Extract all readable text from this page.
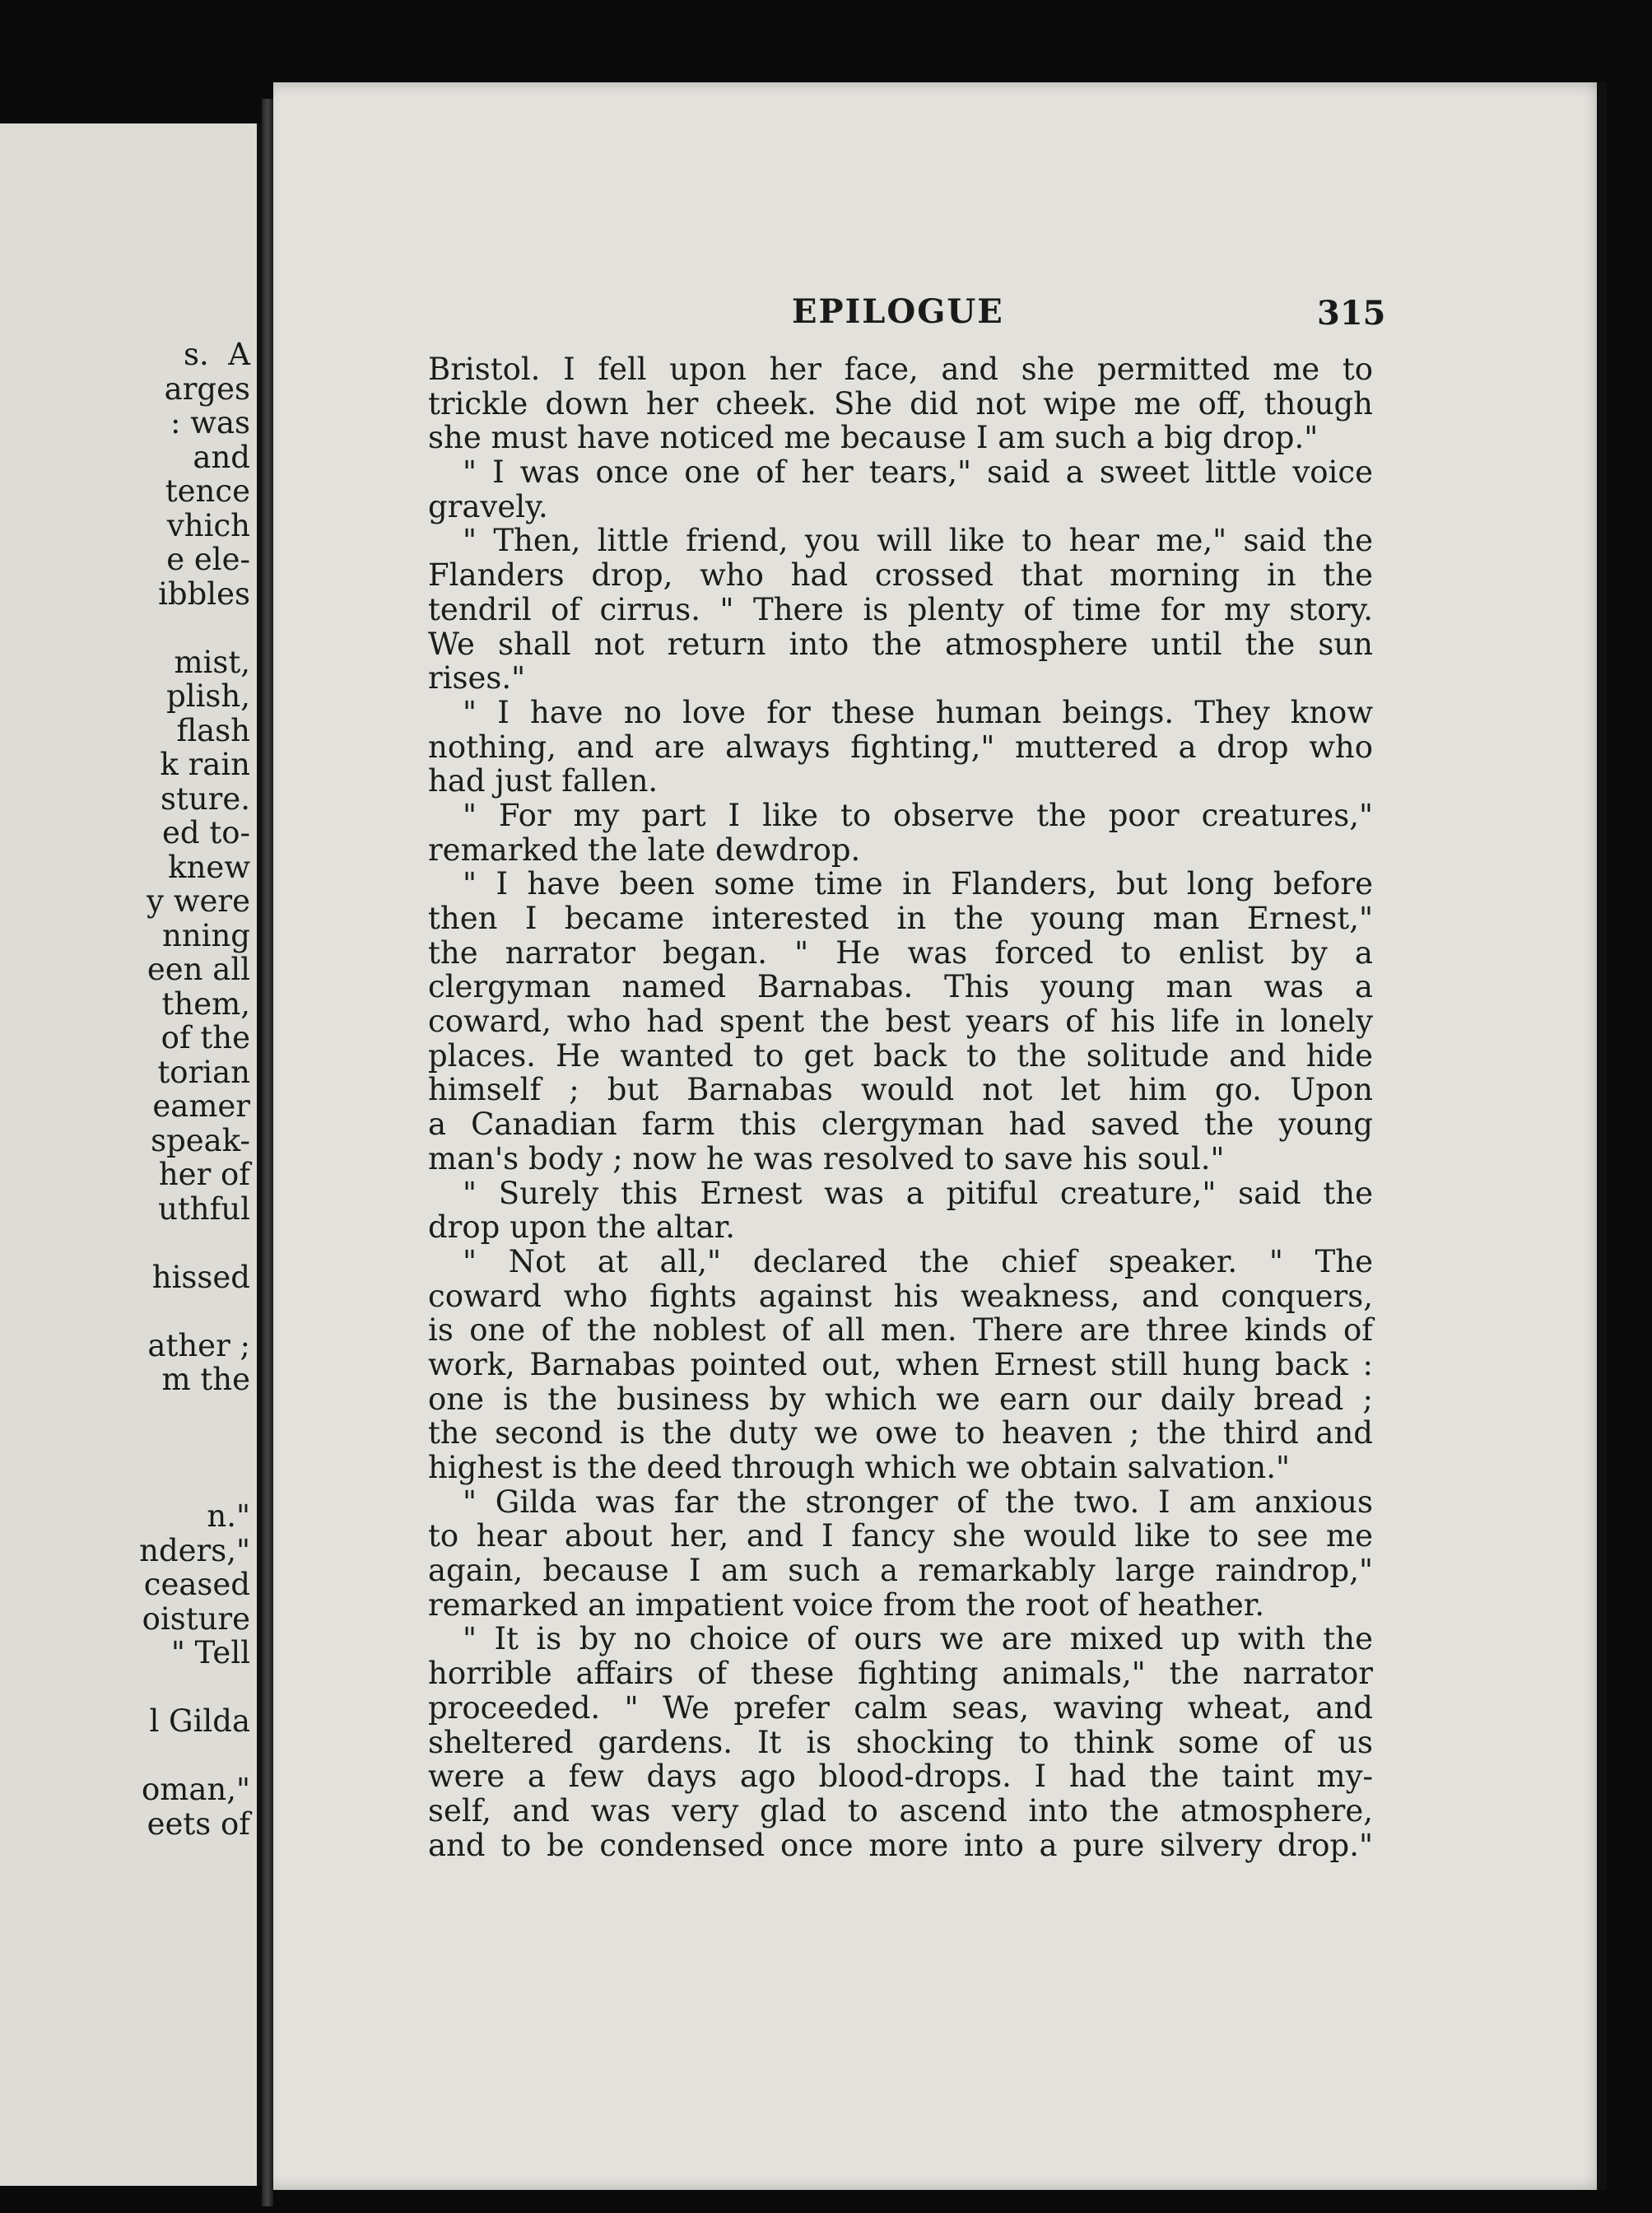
s.  A
arges
: was
and
tence
vhich
e ele-
ibbles
mist,
plish,
flash
k rain
sture.
ed to-
knew
y were
nning
een all
them,
of the
torian
eamer
speak-
her of
uthful
hissed
ather ;
m the
n."
nders,"
ceased
oisture
" Tell
l Gilda
oman,"
eets of
EPILOGUE	315
Bristol. I fell upon her face, and she permitted me to
trickle down her cheek. She did not wipe me off, though
she must have noticed me because I am such a big drop."
" I was once one of her tears," said a sweet little voice
gravely.
" Then, little friend, you will like to hear me," said the
Flanders drop, who had crossed that morning in the
tendril of cirrus. " There is plenty of time for my story.
We shall not return into the atmosphere until the sun
rises."
" I have no love for these human beings. They know
nothing, and are always fighting," muttered a drop who
had just fallen.
" For my part I like to observe the poor creatures,"
remarked the late dewdrop.
" I have been some time in Flanders, but long before
then I became interested in the young man Ernest,"
the narrator began. " He was forced to enlist by a
clergyman named Barnabas. This young man was a
coward, who had spent the best years of his life in lonely
places. He wanted to get back to the solitude and hide
himself ; but Barnabas would not let him go. Upon
a Canadian farm this clergyman had saved the young
man's body ; now he was resolved to save his soul."
" Surely this Ernest was a pitiful creature," said the
drop upon the altar.
" Not at all," declared the chief speaker. " The
coward who fights against his weakness, and conquers,
is one of the noblest of all men. There are three kinds of
work, Barnabas pointed out, when Ernest still hung back :
one is the business by which we earn our daily bread ;
the second is the duty we owe to heaven ; the third and
highest is the deed through which we obtain salvation."
" Gilda was far the stronger of the two. I am anxious
to hear about her, and I fancy she would like to see me
again, because I am such a remarkably large raindrop,"
remarked an impatient voice from the root of heather.
" It is by no choice of ours we are mixed up with the
horrible affairs of these fighting animals," the narrator
proceeded. " We prefer calm seas, waving wheat, and
sheltered gardens. It is shocking to think some of us
were a few days ago blood-drops. I had the taint my-
self, and was very glad to ascend into the atmosphere,
and to be condensed once more into a pure silvery drop."
